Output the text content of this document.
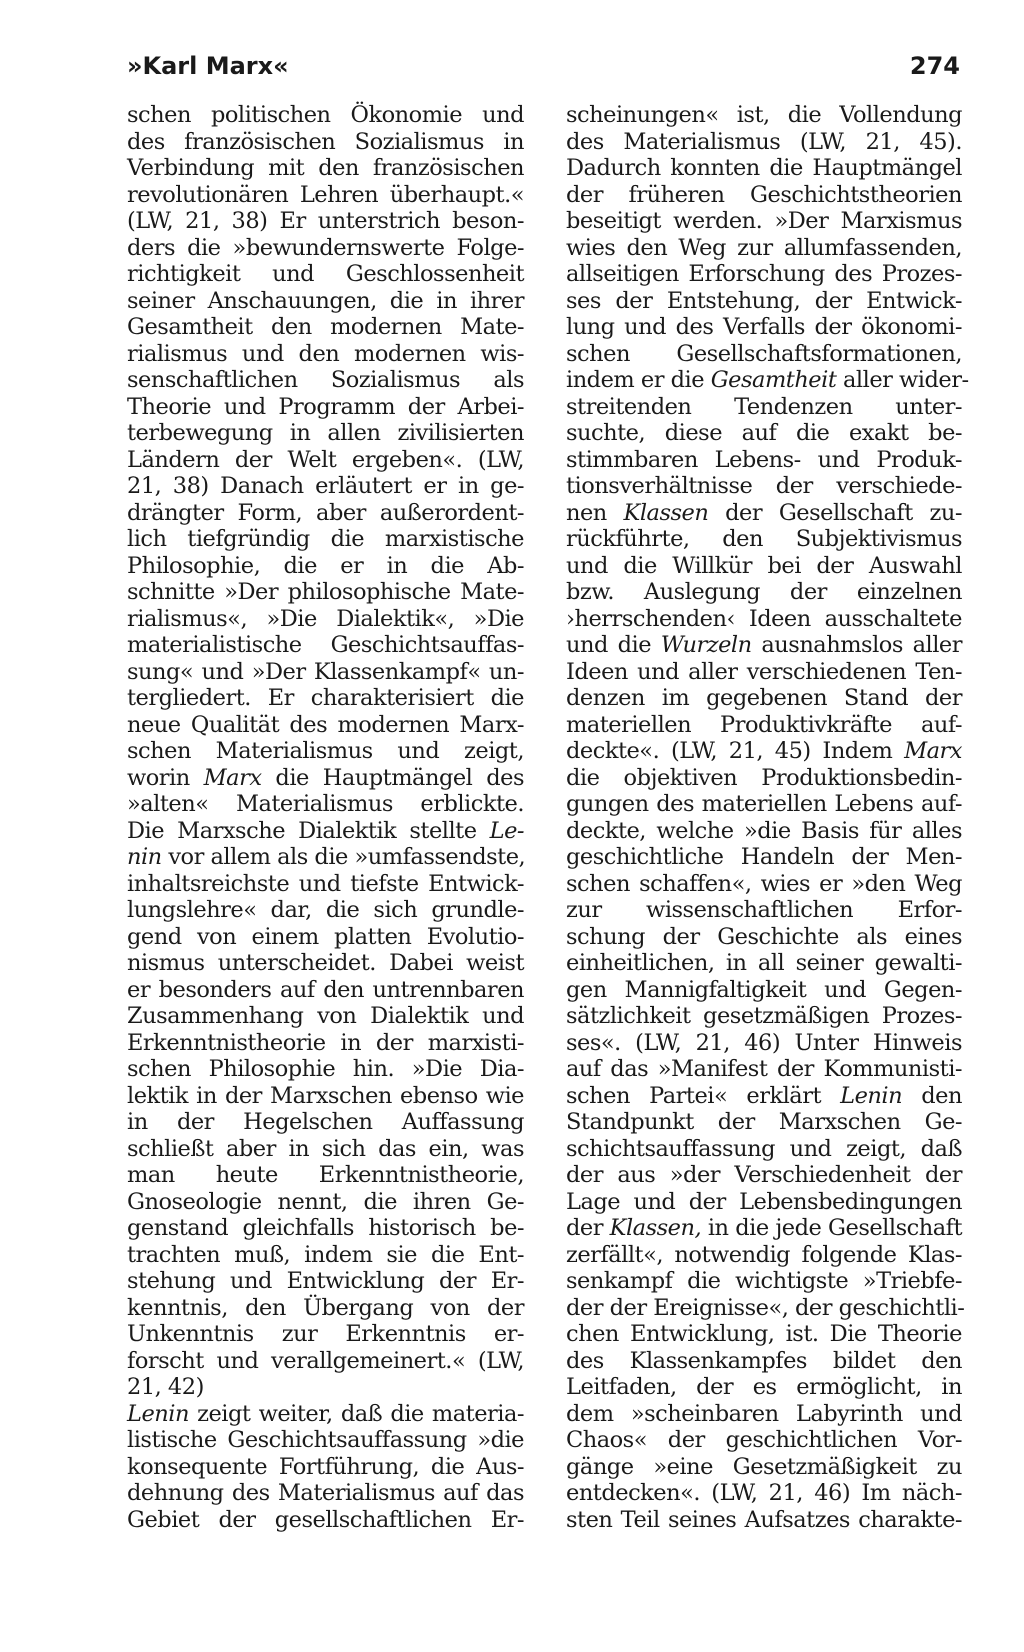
»Karl Marx«	274
schen politischen Ökonomie und
des französischen Sozialismus in
Verbindung mit den französischen
revolutionären Lehren überhaupt.«
(LW, 21, 38) Er unterstrich beson-
ders die »bewundernswerte Folge-
richtigkeit und Geschlossenheit
seiner Anschauungen, die in ihrer
Gesamtheit den modernen Mate-
rialismus und den modernen wis-
senschaftlichen Sozialismus als
Theorie und Programm der Arbei-
terbewegung in allen zivilisierten
Ländern der Welt ergeben«. (LW,
21, 38) Danach erläutert er in ge-
drängter Form, aber außerordent-
lich tiefgründig die marxistische
Philosophie, die er in die Ab-
schnitte »Der philosophische Mate-
rialismus«, »Die Dialektik«, »Die
materialistische Geschichtsauffas-
sung« und »Der Klassenkampf« un-
tergliedert. Er charakterisiert die
neue Qualität des modernen Marx-
schen Materialismus und zeigt,
worin Marx die Hauptmängel des
»alten« Materialismus erblickte.
Die Marxsche Dialektik stellte Le-
nin vor allem als die »umfassendste,
inhaltsreichste und tiefste Entwick-
lungslehre« dar, die sich grundle-
gend von einem platten Evolutio-
nismus unterscheidet. Dabei weist
er besonders auf den untrennbaren
Zusammenhang von Dialektik und
Erkenntnistheorie in der marxisti-
schen Philosophie hin. »Die Dia-
lektik in der Marxschen ebenso wie
in der Hegelschen Auffassung
schließt aber in sich das ein, was
man heute Erkenntnistheorie,
Gnoseologie nennt, die ihren Ge-
genstand gleichfalls historisch be-
trachten muß, indem sie die Ent-
stehung und Entwicklung der Er-
kenntnis, den Übergang von der
Unkenntnis zur Erkenntnis er-
forscht und verallgemeinert.« (LW,
21, 42)
Lenin zeigt weiter, daß die materia-
listische Geschichtsauffassung »die
konsequente Fortführung, die Aus-
dehnung des Materialismus auf das
Gebiet der gesellschaftlichen Er-
scheinungen« ist, die Vollendung
des Materialismus (LW, 21, 45).
Dadurch konnten die Hauptmängel
der früheren Geschichtstheorien
beseitigt werden. »Der Marxismus
wies den Weg zur allumfassenden,
allseitigen Erforschung des Prozes-
ses der Entstehung, der Entwick-
lung und des Verfalls der ökonomi-
schen Gesellschaftsformationen,
indem er die Gesamtheit aller wider-
streitenden Tendenzen unter-
suchte, diese auf die exakt be-
stimmbaren Lebens- und Produk-
tionsverhältnisse der verschiede-
nen Klassen der Gesellschaft zu-
rückführte, den Subjektivismus
und die Willkür bei der Auswahl
bzw. Auslegung der einzelnen
›herrschenden‹ Ideen ausschaltete
und die Wurzeln ausnahmslos aller
Ideen und aller verschiedenen Ten-
denzen im gegebenen Stand der
materiellen Produktivkräfte auf-
deckte«. (LW, 21, 45) Indem Marx
die objektiven Produktionsbedin-
gungen des materiellen Lebens auf-
deckte, welche »die Basis für alles
geschichtliche Handeln der Men-
schen schaffen«, wies er »den Weg
zur wissenschaftlichen Erfor-
schung der Geschichte als eines
einheitlichen, in all seiner gewalti-
gen Mannigfaltigkeit und Gegen-
sätzlichkeit gesetzmäßigen Prozes-
ses«. (LW, 21, 46) Unter Hinweis
auf das »Manifest der Kommunisti-
schen Partei« erklärt Lenin den
Standpunkt der Marxschen Ge-
schichtsauffassung und zeigt, daß
der aus »der Verschiedenheit der
Lage und der Lebensbedingungen
der Klassen, in die jede Gesellschaft
zerfällt«, notwendig folgende Klas-
senkampf die wichtigste »Triebfe-
der der Ereignisse«, der geschichtli-
chen Entwicklung, ist. Die Theorie
des Klassenkampfes bildet den
Leitfaden, der es ermöglicht, in
dem »scheinbaren Labyrinth und
Chaos« der geschichtlichen Vor-
gänge »eine Gesetzmäßigkeit zu
entdecken«. (LW, 21, 46) Im näch-
sten Teil seines Aufsatzes charakte-
